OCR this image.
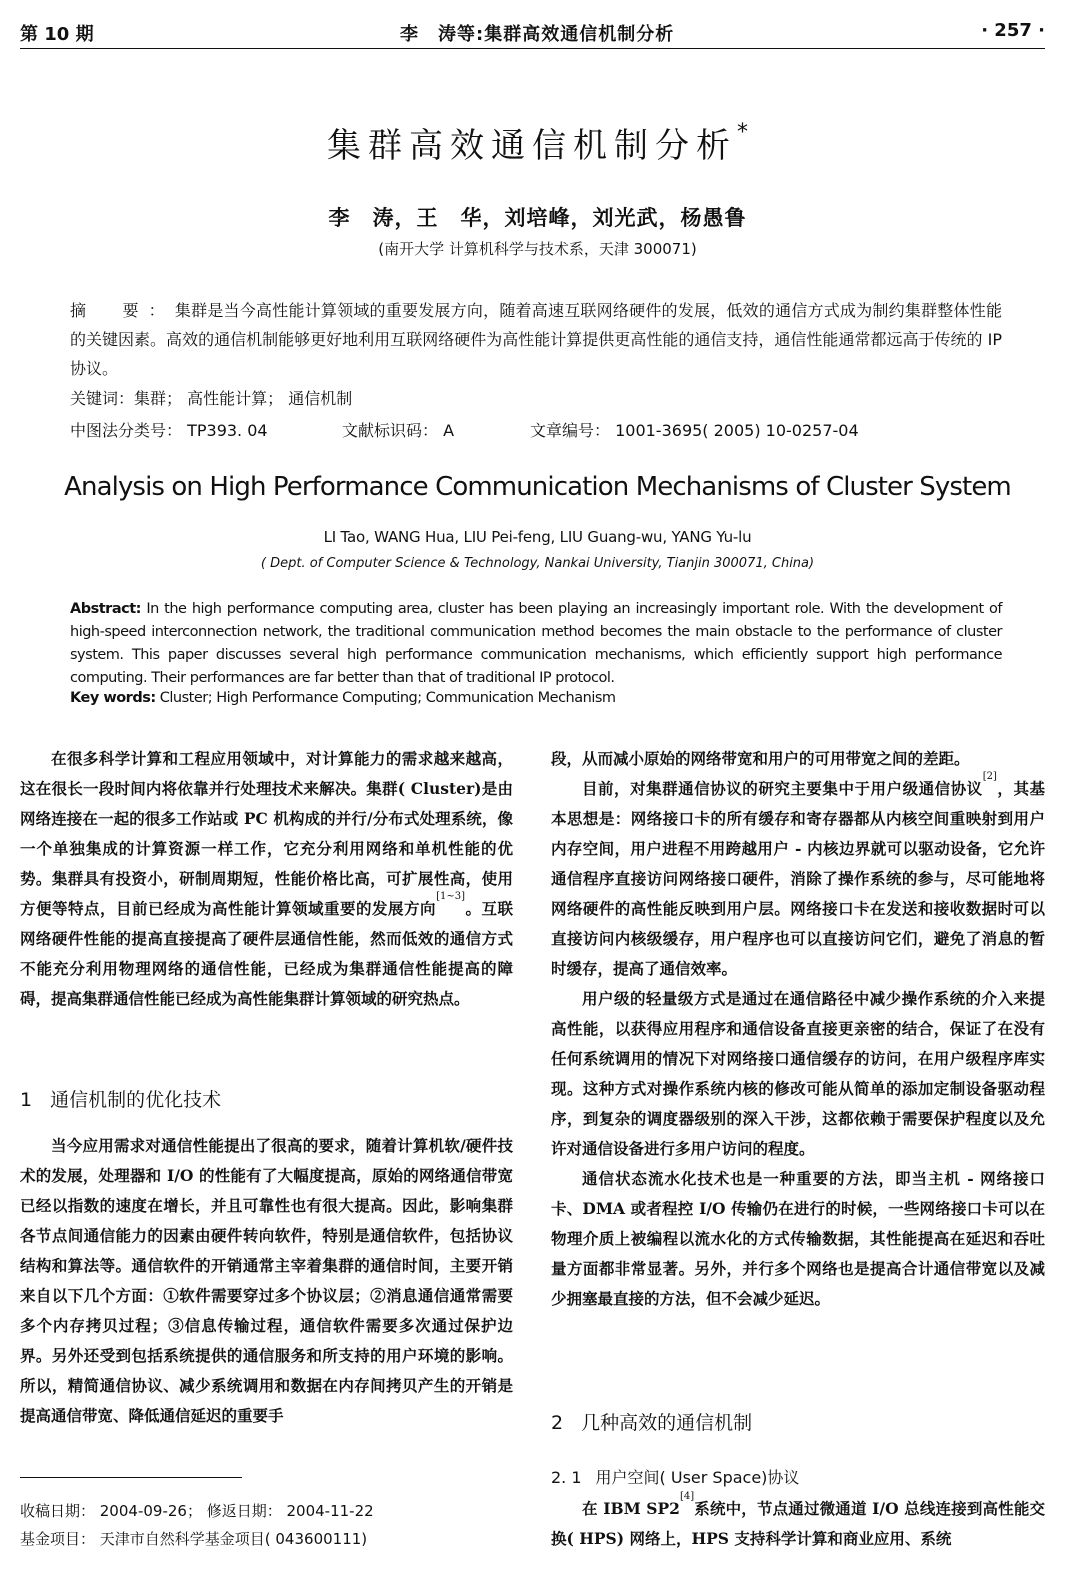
第 10 期	李　涛等:集群高效通信机制分析	· 257 ·
集群高效通信机制分析*
李　涛，王　华，刘培峰，刘光武，杨愚鲁
(南开大学 计算机科学与技术系，天津 300071)
摘　要：集群是当今高性能计算领域的重要发展方向，随着高速互联网络硬件的发展，低效的通信方式成为制约集群整体性能的关键因素。高效的通信机制能够更好地利用互联网络硬件为高性能计算提供更高性能的通信支持，通信性能通常都远高于传统的 IP 协议。
关键词：集群； 高性能计算； 通信机制
中图法分类号： TP393. 04	文献标识码： A	文章编号： 1001-3695( 2005) 10-0257-04
Analysis on High Performance Communication Mechanisms of Cluster System
LI Tao, WANG Hua, LIU Pei-feng, LIU Guang-wu, YANG Yu-lu
( Dept. of Computer Science & Technology, Nankai University, Tianjin 300071, China)
Abstract: In the high performance computing area, cluster has been playing an increasingly important role. With the development of high-speed interconnection network, the traditional communication method becomes the main obstacle to the performance of cluster system. This paper discusses several high performance communication mechanisms, which efficiently support high performance computing. Their performances are far better than that of traditional IP protocol.
Key words: Cluster; High Performance Computing; Communication Mechanism

在很多科学计算和工程应用领域中，对计算能力的需求越来越高，这在很长一段时间内将依靠并行处理技术来解决。集群( Cluster)是由网络连接在一起的很多工作站或 PC 机构成的并行/分布式处理系统，像一个单独集成的计算资源一样工作，它充分利用网络和单机性能的优势。集群具有投资小，研制周期短，性能价格比高，可扩展性高，使用方便等特点，目前已经成为高性能计算领域重要的发展方向[1~3]。互联网络硬件性能的提高直接提高了硬件层通信性能，然而低效的通信方式不能充分利用物理网络的通信性能，已经成为集群通信性能提高的障碍，提高集群通信性能已经成为高性能集群计算领域的研究热点。

1 通信机制的优化技术

当今应用需求对通信性能提出了很高的要求，随着计算机软/硬件技术的发展，处理器和 I/O 的性能有了大幅度提高，原始的网络通信带宽已经以指数的速度在增长，并且可靠性也有很大提高。因此，影响集群各节点间通信能力的因素由硬件转向软件，特别是通信软件，包括协议结构和算法等。通信软件的开销通常主宰着集群的通信时间，主要开销来自以下几个方面：①软件需要穿过多个协议层；②消息通信通常需要多个内存拷贝过程；③信息传输过程，通信软件需要多次通过保护边界。另外还受到包括系统提供的通信服务和所支持的用户环境的影响。所以，精简通信协议、减少系统调用和数据在内存间拷贝产生的开销是提高通信带宽、降低通信延迟的重要手

段，从而减小原始的网络带宽和用户的可用带宽之间的差距。

目前，对集群通信协议的研究主要集中于用户级通信协议[2]，其基本思想是：网络接口卡的所有缓存和寄存器都从内核空间重映射到用户内存空间，用户进程不用跨越用户 - 内核边界就可以驱动设备，它允许通信程序直接访问网络接口硬件，消除了操作系统的参与，尽可能地将网络硬件的高性能反映到用户层。网络接口卡在发送和接收数据时可以直接访问内核级缓存，用户程序也可以直接访问它们，避免了消息的暂时缓存，提高了通信效率。

用户级的轻量级方式是通过在通信路径中减少操作系统的介入来提高性能，以获得应用程序和通信设备直接更亲密的结合，保证了在没有任何系统调用的情况下对网络接口通信缓存的访问，在用户级程序库实现。这种方式对操作系统内核的修改可能从简单的添加定制设备驱动程序，到复杂的调度器级别的深入干涉，这都依赖于需要保护程度以及允许对通信设备进行多用户访问的程度。

通信状态流水化技术也是一种重要的方法，即当主机 - 网络接口卡、DMA 或者程控 I/O 传输仍在进行的时候，一些网络接口卡可以在物理介质上被编程以流水化的方式传输数据，其性能提高在延迟和吞吐量方面都非常显著。另外，并行多个网络也是提高合计通信带宽以及减少拥塞最直接的方法，但不会减少延迟。

2 几种高效的通信机制
2. 1 用户空间( User Space)协议

在 IBM SP2[4]系统中，节点通过微通道 I/O 总线连接到高性能交换( HPS) 网络上，HPS 支持科学计算和商业应用、系统

收稿日期： 2004-09-26； 修返日期： 2004-11-22
基金项目： 天津市自然科学基金项目( 043600111)
